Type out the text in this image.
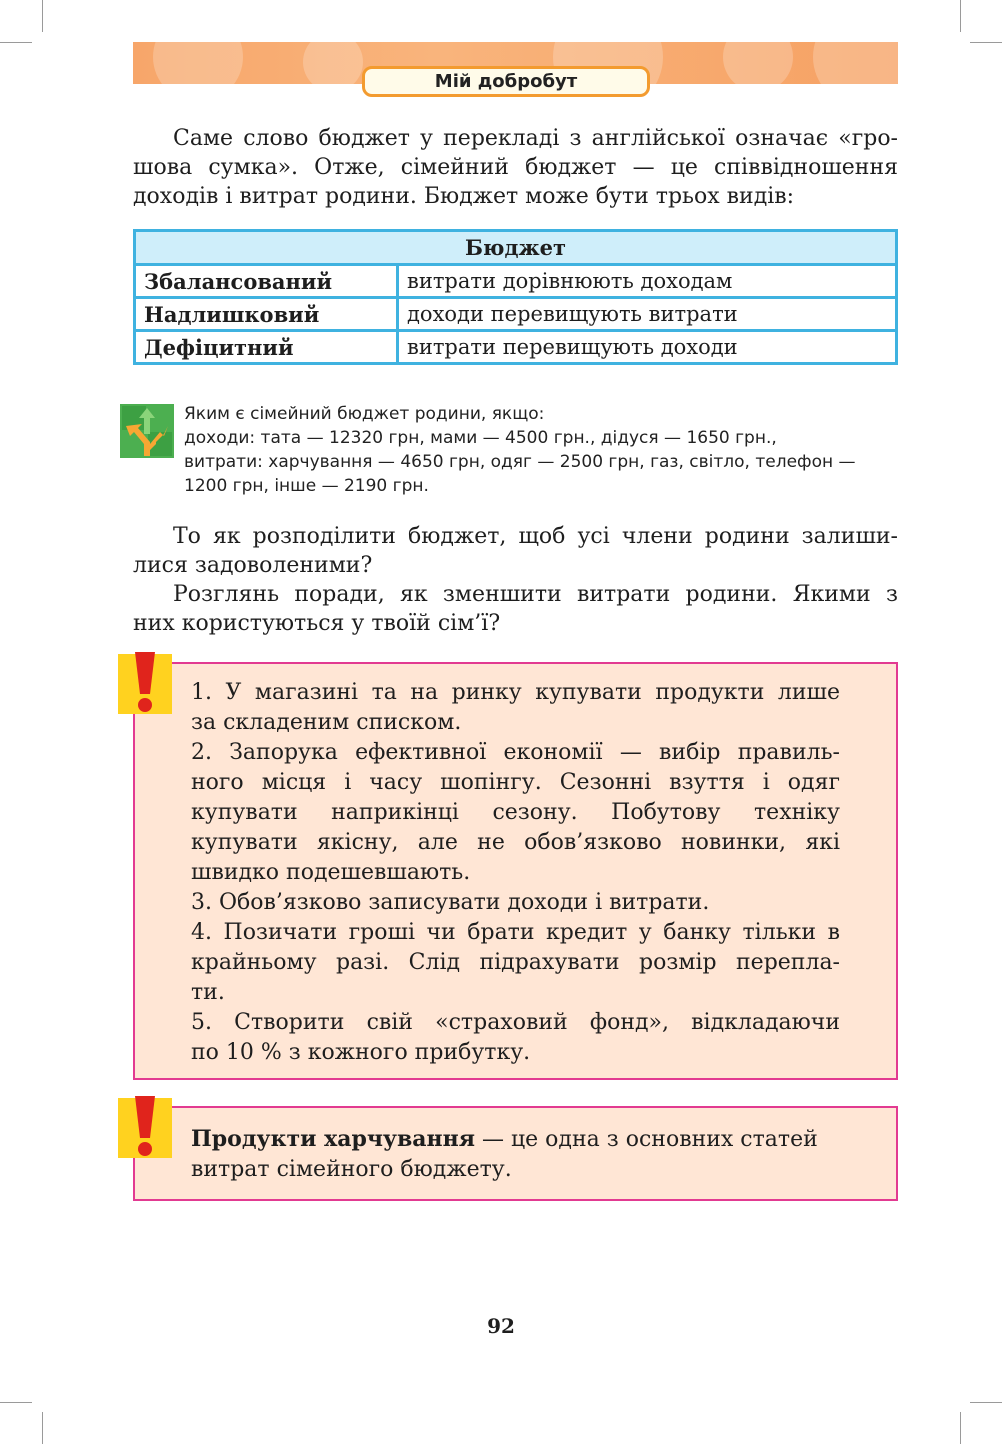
Мій добробут
Саме слово бюджет у перекладі з англійської означає «гро-
шова сумка». Отже, сімейний бюджет — це співвідношення
доходів і витрат родини. Бюджет може бути трьох видів:
Бюджет	
Збалансований	витрати дорівнюють доходам
Надлишковий	доходи перевищують витрати
Дефіцитний	витрати перевищують доходи
Яким є сімейний бюджет родини, якщо:
доходи: тата — 12320 грн, мами — 4500 грн., дідуся — 1650 грн.,
витрати: харчування — 4650 грн, одяг — 2500 грн, газ, світло, телефон —
1200 грн, інше — 2190 грн.
То як розподілити бюджет, щоб усі члени родини залиши-
лися задоволеними?
Розглянь поради, як зменшити витрати родини. Якими з
них користуються у твоїй сім’ї?
1. У магазині та на ринку купувати продукти лише
за складеним списком.
2. Запорука ефективної економії — вибір правиль-
ного місця і часу шопінгу. Сезонні взуття і одяг
купувати наприкінці сезону. Побутову техніку
купувати якісну, але не обов’язково новинки, які
швидко подешевшають.
3. Обов’язково записувати доходи і витрати.
4. Позичати гроші чи брати кредит у банку тільки в
крайньому разі. Слід підрахувати розмір перепла-
ти.
5. Створити свій «страховий фонд», відкладаючи
по 10 % з кожного прибутку.
Продукти харчування — це одна з основних статей
витрат сімейного бюджету.
92
